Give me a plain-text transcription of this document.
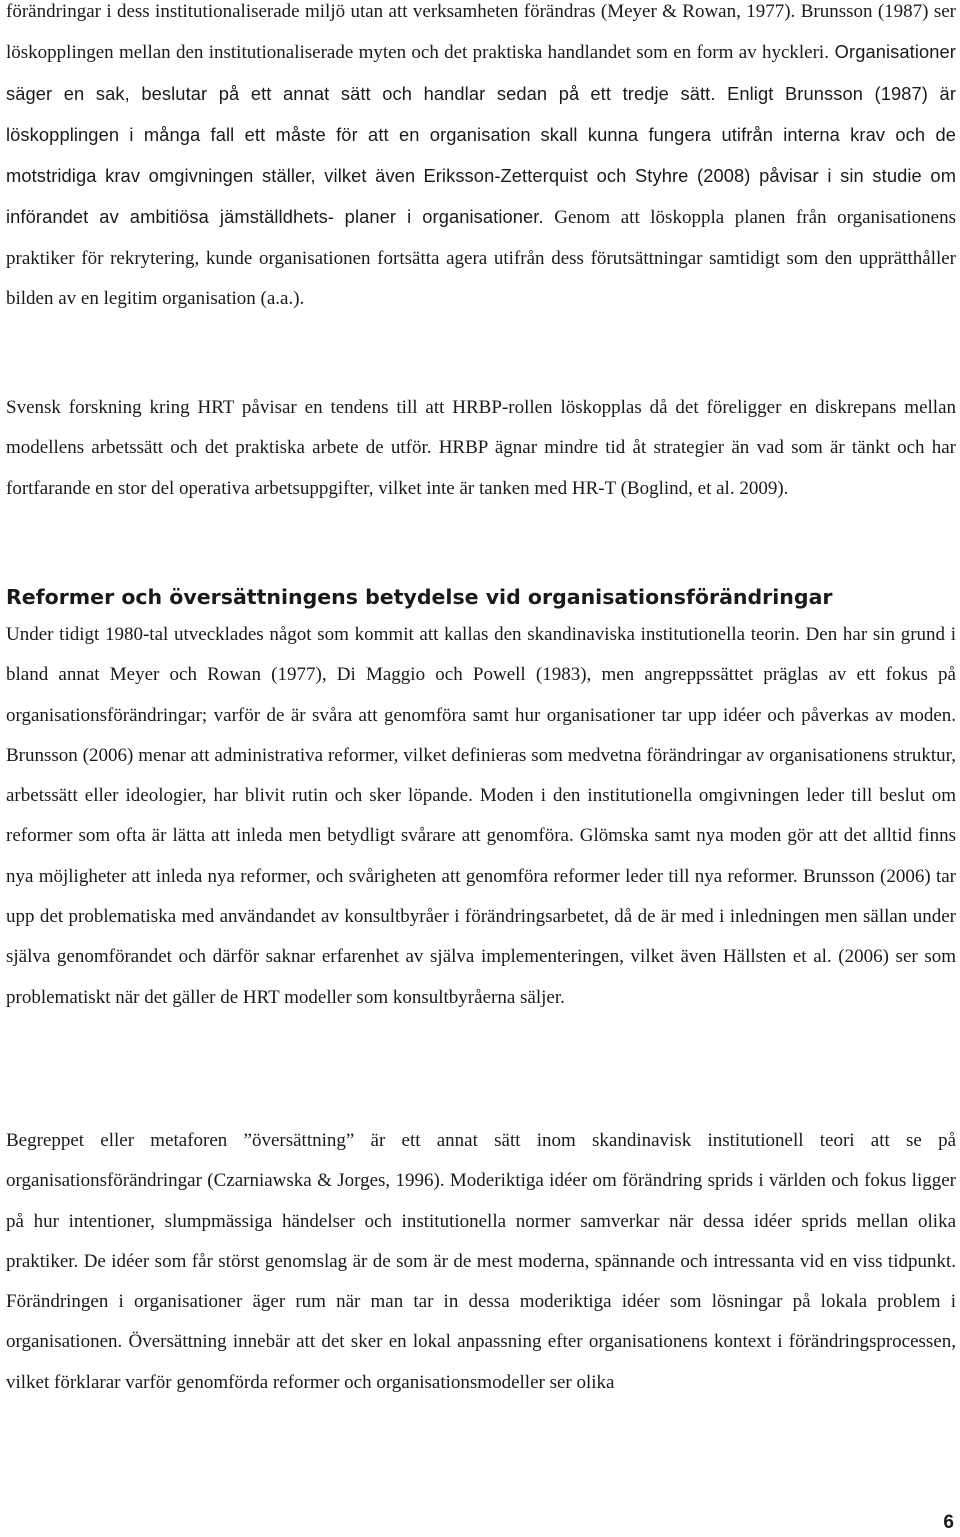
förändringar i dess institutionaliserade miljö utan att verksamheten förändras (Meyer & Rowan, 1977). Brunsson (1987) ser löskopplingen mellan den institutionaliserade myten och det praktiska handlandet som en form av hyckleri. Organisationer säger en sak, beslutar på ett annat sätt och handlar sedan på ett tredje sätt. Enligt Brunsson (1987) är löskopplingen i många fall ett måste för att en organisation skall kunna fungera utifrån interna krav och de motstridiga krav omgivningen ställer, vilket även Eriksson-Zetterquist och Styhre (2008) påvisar i sin studie om införandet av ambitiösa jämställdhets- planer i organisationer. Genom att löskoppla planen från organisationens praktiker för rekrytering, kunde organisationen fortsätta agera utifrån dess förutsättningar samtidigt som den upprätthåller bilden av en legitim organisation (a.a.).

Svensk forskning kring HRT påvisar en tendens till att HRBP-rollen löskopplas då det föreligger en diskrepans mellan modellens arbetssätt och det praktiska arbete de utför. HRBP ägnar mindre tid åt strategier än vad som är tänkt och har fortfarande en stor del operativa arbetsuppgifter, vilket inte är tanken med HR-T (Boglind, et al. 2009).

Reformer och översättningens betydelse vid organisationsförändringar

Under tidigt 1980-tal utvecklades något som kommit att kallas den skandinaviska institutionella teorin. Den har sin grund i bland annat Meyer och Rowan (1977), Di Maggio och Powell (1983), men angreppssättet präglas av ett fokus på organisationsförändringar; varför de är svåra att genomföra samt hur organisationer tar upp idéer och påverkas av moden. Brunsson (2006) menar att administrativa reformer, vilket definieras som medvetna förändringar av organisationens struktur, arbetssätt eller ideologier, har blivit rutin och sker löpande. Moden i den institutionella omgivningen leder till beslut om reformer som ofta är lätta att inleda men betydligt svårare att genomföra. Glömska samt nya moden gör att det alltid finns nya möjligheter att inleda nya reformer, och svårigheten att genomföra reformer leder till nya reformer. Brunsson (2006) tar upp det problematiska med användandet av konsultbyråer i förändringsarbetet, då de är med i inledningen men sällan under själva genomförandet och därför saknar erfarenhet av själva implementeringen, vilket även Hällsten et al. (2006) ser som problematiskt när det gäller de HRT modeller som konsultbyråerna säljer.

Begreppet eller metaforen ”översättning” är ett annat sätt inom skandinavisk institutionell teori att se på organisationsförändringar (Czarniawska & Jorges, 1996). Moderiktiga idéer om förändring sprids i världen och fokus ligger på hur intentioner, slumpmässiga händelser och institutionella normer samverkar när dessa idéer sprids mellan olika praktiker. De idéer som får störst genomslag är de som är de mest moderna, spännande och intressanta vid en viss tidpunkt. Förändringen i organisationer äger rum när man tar in dessa moderiktiga idéer som lösningar på lokala problem i organisationen. Översättning innebär att det sker en lokal anpassning efter organisationens kontext i förändringsprocessen, vilket förklarar varför genomförda reformer och organisationsmodeller ser olika

6
